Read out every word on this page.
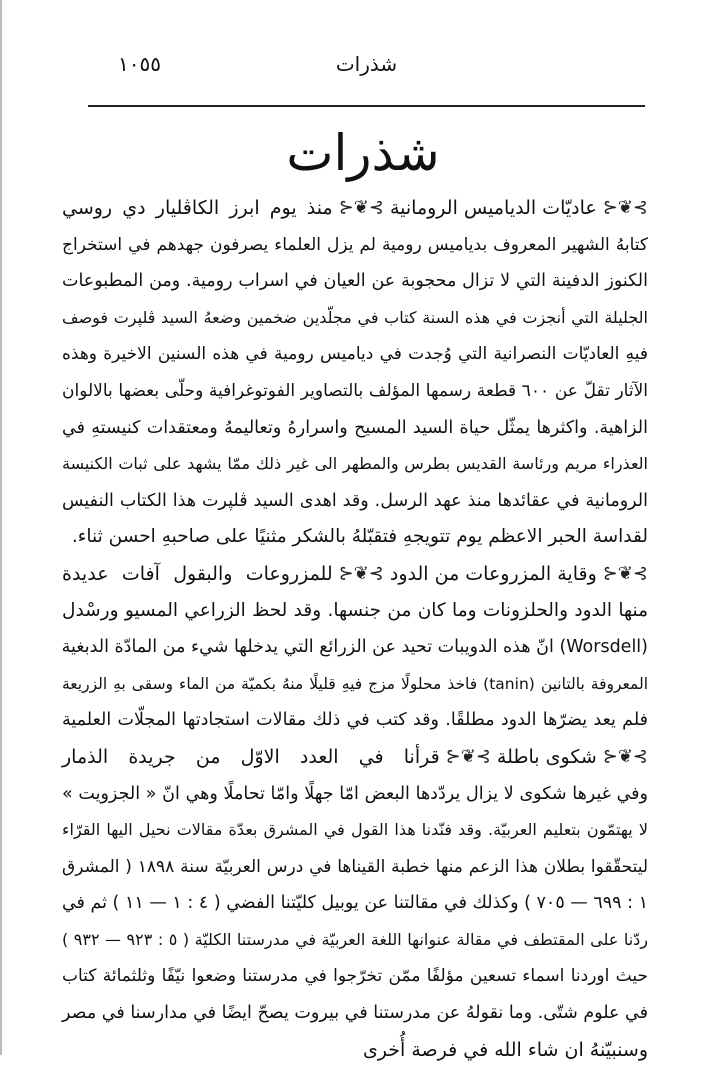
شذرات
١٠٥٥
شذرات
⊱❦⊰
عاديّات الدياميس الرومانية
⊱❦⊰
منذ يوم ابرز الكاڤليار دي روسي
كتابهُ الشهير المعروف بدياميس رومية لم يزل العلماء يصرفون جهدهم في استخراج
الكنوز الدفينة التي لا تزال محجوبة عن العيان في اسراب رومية. ومن المطبوعات
الجليلة التي أنجزت في هذه السنة كتاب في مجلّدين ضخمين وضعهُ السيد ڤلپرت فوصف
فيهِ العاديّات النصرانية التي وُجدت في دياميس رومية في هذه السنين الاخيرة وهذه
الآثار تقلّ عن ٦٠٠ قطعة رسمها المؤلف بالتصاوير الفوتوغرافية وحلّى بعضها بالالوان
الزاهية. واكثرها يمثّل حياة السيد المسيح واسرارهُ وتعاليمهُ ومعتقدات كنيستهِ في
العذراء مريم ورئاسة القديس بطرس والمطهر الى غير ذلك ممّا يشهد على ثبات الكنيسة
الرومانية في عقائدها منذ عهد الرسل. وقد اهدى السيد ڤلپرت هذا الكتاب النفيس
لقداسة الحبر الاعظم يوم تتويجهِ فتقبّلهُ بالشكر مثنيًا على صاحبهِ احسن ثناء.
⊱❦⊰
وقاية المزروعات من الدود
⊱❦⊰
للمزروعات والبقول آفات عديدة
منها الدود والحلزونات وما كان من جنسها. وقد لحظ الزراعي المسيو ورسْدل
(Worsdell) انّ هذه الدويبات تحيد عن الزرائع التي يدخلها شيء من المادّة الدبغية
المعروفة بالتانين (tanin) فاخذ محلولًا مزج فيهِ قليلًا منهُ بكميّة من الماء وسقى بهِ الزريعة
فلم يعد يضرّها الدود مطلقًا. وقد كتب في ذلك مقالات استجادتها المجلّات العلمية
⊱❦⊰
شكوى باطلة
⊱❦⊰
قرأنا في العدد الاوّل من جريدة الذمار
وفي غيرها شكوى لا يزال يردّدها البعض امّا جهلًا وامّا تحاملًا وهي انّ « الجزويت »
لا يهتمّون بتعليم العربيّة. وقد فنّدنا هذا القول في المشرق بعدّة مقالات نحيل اليها القرّاء
ليتحقّقوا بطلان هذا الزعم منها خطبة القيناها في درس العربيّة سنة ١٨٩٨ ( المشرق
١ : ٦٩٩ — ٧٠٥ ) وكذلك في مقالتنا عن يوبيل كليّتنا الفضي ( ٤ : ١ — ١١ ) ثم في
ردّنا على المقتطف في مقالة عنوانها اللغة العربيّة في مدرستنا الكليّة ( ٥ : ٩٢٣ — ٩٣٢ )
حيث اوردنا اسماء تسعين مؤلفًا ممّن تخرّجوا في مدرستنا وضعوا نيّفًا وثلثمائة كتاب
في علوم شتّى. وما نقولهُ عن مدرستنا في بيروت يصحّ ايضًا في مدارسنا في مصر
وسنبيّنهُ ان شاء الله في فرصة أُخرى
